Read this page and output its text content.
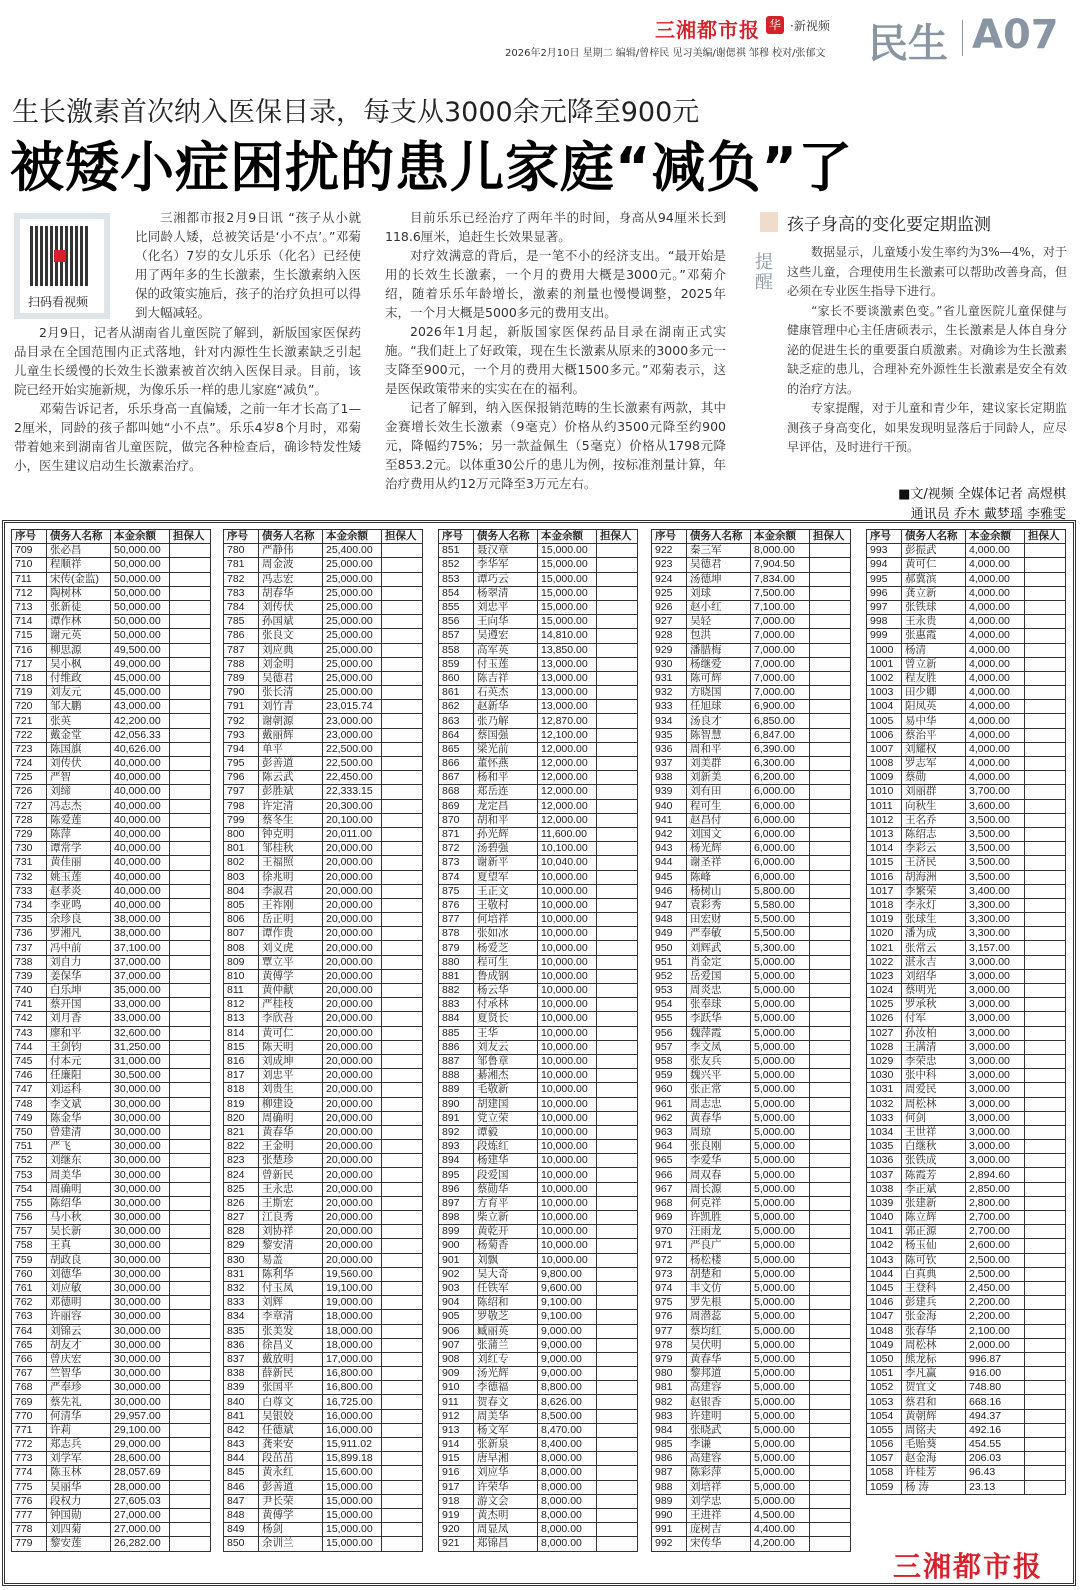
三湘都市报 华 ·新视频
2026年2月10日 星期二 编辑/曾梓民 见习美编/谢偲祺 邹穆 校对/张郁文 民生 A07
生长激素首次纳入医保目录，每支从3000余元降至900元
被矮小症困扰的患儿家庭“减负”了
扫码看视频

三湘都市报2月9日讯 “孩子从小就比同龄人矮，总被笑话是‘小不点’。”邓菊（化名）7岁的女儿乐乐（化名）已经使用了两年多的生长激素，生长激素纳入医保的政策实施后，孩子的治疗负担可以得到大幅减轻。

2月9日，记者从湖南省儿童医院了解到，新版国家医保药品目录在全国范围内正式落地，针对内源性生长激素缺乏引起儿童生长缓慢的长效生长激素被首次纳入医保目录。目前，该院已经开始实施新规，为像乐乐一样的患儿家庭“减负”。

邓菊告诉记者，乐乐身高一直偏矮，之前一年才长高了1—2厘米，同龄的孩子都叫她“小不点”。乐乐4岁8个月时，邓菊带着她来到湖南省儿童医院，做完各种检查后，确诊特发性矮小，医生建议启动生长激素治疗。

目前乐乐已经治疗了两年半的时间，身高从94厘米长到118.6厘米，追赶生长效果显著。

对疗效满意的背后，是一笔不小的经济支出。“最开始是用的长效生长激素，一个月的费用大概是3000元。”邓菊介绍，随着乐乐年龄增长，激素的剂量也慢慢调整，2025年末，一个月大概是5000多元的费用支出。

2026年1月起，新版国家医保药品目录在湖南正式实施。“我们赶上了好政策，现在生长激素从原来的3000多元一支降至900元，一个月的费用大概1500多元。”邓菊表示，这是医保政策带来的实实在在的福利。

记者了解到，纳入医保报销范畴的生长激素有两款，其中金赛增长效生长激素（9毫克）价格从约3500元降至约900元，降幅约75%；另一款益佩生（5毫克）价格从1798元降至853.2元。以体重30公斤的患儿为例，按标准剂量计算，年治疗费用从约12万元降至3万元左右。

提醒
孩子身高的变化要定期监测

数据显示，儿童矮小发生率约为3%—4%，对于这些儿童，合理使用生长激素可以帮助改善身高，但必须在专业医生指导下进行。

“家长不要谈激素色变。”省儿童医院儿童保健与健康管理中心主任唐硕表示，生长激素是人体自身分泌的促进生长的重要蛋白质激素。对确诊为生长激素缺乏症的患儿，合理补充外源性生长激素是安全有效的治疗方法。

专家提醒，对于儿童和青少年，建议家长定期监测孩子身高变化，如果发现明显落后于同龄人，应尽早评估，及时进行干预。

■文/视频 全媒体记者 高煜棋
通讯员 乔木 戴梦瑶 李雅雯
序号	债务人名称	本金余额	担保人
709	张必昌	50,000.00	
710	程顺祥	50,000.00	
711	宋传(金监)	50,000.00	
712	陶树林	50,000.00	
713	张新徒	50,000.00	
714	谭作林	50,000.00	
715	谢元英	50,000.00	
716	柳思源	49,500.00	
717	吴小枫	49,000.00	
718	付维政	45,000.00	
719	刘友元	45,000.00	
720	邹大鹏	43,000.00	
721	张英	42,200.00	
722	戴金堂	42,056.33	
723	陈国旗	40,626.00	
724	刘传伏	40,000.00	
725	严智	40,000.00	
726	刘缔	40,000.00	
727	冯志杰	40,000.00	
728	陈爱莲	40,000.00	
729	陈萍	40,000.00	
730	谭常学	40,000.00	
731	黄佳丽	40,000.00	
732	姚玉莲	40,000.00	
733	赵孝炎	40,000.00	
734	李亚鸣	40,000.00	
735	余珍良	38,000.00	
736	罗湘凡	38,000.00	
737	冯中前	37,100.00	
738	刘自力	37,000.00	
739	姜保华	37,000.00	
740	白乐坤	35,000.00	
741	蔡开国	33,000.00	
742	刘月香	33,000.00	
743	廖和平	32,600.00	
744	王剑钧	31,250.00	
745	付本元	31,000.00	
746	任廉阳	30,500.00	
747	刘运科	30,000.00	
748	李文斌	30,000.00	
749	陈金华	30,000.00	
750	曾建清	30,000.00	
751	严飞	30,000.00	
752	刘继东	30,000.00	
753	周美华	30,000.00	
754	周确明	30,000.00	
755	陈绍华	30,000.00	
756	马小秋	30,000.00	
757	吴长新	30,000.00	
758	王真	30,000.00	
759	胡政良	30,000.00	
760	刘德华	30,000.00	
761	刘应敏	30,000.00	
762	邓德明	30,000.00	
763	许丽容	30,000.00	
764	刘锦云	30,000.00	
765	胡友才	30,000.00	
766	曾庆宏	30,000.00	
767	竺智华	30,000.00	
768	严奉珍	30,000.00	
769	蔡先礼	30,000.00	
770	何清华	29,957.00	
771	许莉	29,100.00	
772	郑志兵	29,000.00	
773	刘学军	28,600.00	
774	陈玉林	28,057.69	
775	吴丽华	28,000.00	
776	段权力	27,605.03	
777	钟国勋	27,000.00	
778	刘四菊	27,000.00	
779	黎安莲	26,282.00	
序号	债务人名称	本金余额	担保人
780	严静伟	25,400.00	
781	周金波	25,000.00	
782	冯志宏	25,000.00	
783	胡春华	25,000.00	
784	刘传伏	25,000.00	
785	孙国斌	25,000.00	
786	张良文	25,000.00	
787	刘应典	25,000.00	
788	刘金明	25,000.00	
789	吴德君	25,000.00	
790	张长清	25,000.00	
791	刘竹青	23,015.74	
792	谢朝源	23,000.00	
793	戴丽辉	23,000.00	
794	单平	22,500.00	
795	彭善道	22,500.00	
796	陈云武	22,450.00	
797	彭胜斌	22,333.15	
798	许定清	20,300.00	
799	蔡冬生	20,100.00	
800	钟克明	20,011.00	
801	邹桂秋	20,000.00	
802	王福照	20,000.00	
803	徐兆明	20,000.00	
804	李淑君	20,000.00	
805	王祚刚	20,000.00	
806	岳正明	20,000.00	
807	谭作贵	20,000.00	
808	刘义虎	20,000.00	
809	覃立平	20,000.00	
810	黄傅学	20,000.00	
811	黄仲献	20,000.00	
812	严桂枝	20,000.00	
813	李欣吾	20,000.00	
814	黄可仁	20,000.00	
815	陈天明	20,000.00	
816	刘成坤	20,000.00	
817	刘忠平	20,000.00	
818	刘贵生	20,000.00	
819	柳建设	20,000.00	
820	周确明	20,000.00	
821	黄春华	20,000.00	
822	王金明	20,000.00	
823	张楚珍	20,000.00	
824	曾新民	20,000.00	
825	王永忠	20,000.00	
826	王斯宏	20,000.00	
827	江良秀	20,000.00	
828	刘协祥	20,000.00	
829	黎安清	20,000.00	
830	易盖	20,000.00	
831	陈利华	19,560.00	
832	付玉凤	19,100.00	
833	刘辉	19,000.00	
834	李章清	18,000.00	
835	张美发	18,000.00	
836	徐昌义	18,000.00	
837	戴放明	17,000.00	
838	薛新民	16,800.00	
839	张国平	16,800.00	
840	白尊文	16,725.00	
841	吴银姣	16,000.00	
842	任德斌	16,000.00	
843	龚来安	15,911.02	
844	段茁茁	15,899.18	
845	黄永红	15,600.00	
846	彭善道	15,000.00	
847	尹长荣	15,000.00	
848	黄傅学	15,000.00	
849	杨剑	15,000.00	
850	余训兰	15,000.00	
序号	债务人名称	本金余额	担保人
851	聂汉章	15,000.00	
852	李华军	15,000.00	
853	谭巧云	15,000.00	
854	杨翠清	15,000.00	
855	刘忠平	15,000.00	
856	王向华	15,000.00	
857	吴遵宏	14,810.00	
858	高军英	13,850.00	
859	付玉莲	13,000.00	
860	陈吉祥	13,000.00	
861	石英杰	13,000.00	
862	赵新华	13,000.00	
863	张乃解	12,870.00	
864	蔡国强	12,100.00	
865	梁光前	12,000.00	
866	董怀燕	12,000.00	
867	杨和平	12,000.00	
868	郑岳连	12,000.00	
869	龙定昌	12,000.00	
870	胡和平	12,000.00	
871	孙光辉	11,600.00	
872	汤碧强	10,100.00	
873	谢新平	10,040.00	
874	夏望军	10,000.00	
875	王正文	10,000.00	
876	王敬村	10,000.00	
877	何培祥	10,000.00	
878	张如冰	10,000.00	
879	杨爱芝	10,000.00	
880	程可生	10,000.00	
881	鲁成钢	10,000.00	
882	杨云华	10,000.00	
883	付承林	10,000.00	
884	夏贤长	10,000.00	
885	王华	10,000.00	
886	刘友云	10,000.00	
887	邹鲁章	10,000.00	
888	綦湘杰	10,000.00	
889	毛敬新	10,000.00	
890	胡建国	10,000.00	
891	党立荣	10,000.00	
892	谭毅	10,000.00	
893	段炼红	10,000.00	
894	杨建华	10,000.00	
895	段爱国	10,000.00	
896	蔡勋华	10,000.00	
897	方育平	10,000.00	
898	柴立新	10,000.00	
899	黄乾开	10,000.00	
900	杨菊香	10,000.00	
901	刘飘	10,000.00	
902	吴大奇	9,800.00	
903	任铁军	9,600.00	
904	陈绍和	9,100.00	
905	罗敬芝	9,100.00	
906	臧丽英	9,000.00	
907	张蒲兰	9,000.00	
908	刘红专	9,000.00	
909	汤光辉	9,000.00	
910	李德福	8,800.00	
911	贺春文	8,626.00	
912	周美华	8,500.00	
913	杨文军	8,470.00	
914	张新泉	8,400.00	
915	唐早湘	8,000.00	
916	刘应华	8,000.00	
917	许荣华	8,000.00	
918	游文会	8,000.00	
919	黄杰明	8,000.00	
920	周显凤	8,000.00	
921	郑锦昌	8,000.00	
序号	债务人名称	本金余额	担保人
922	秦三军	8,000.00	
923	吴德君	7,904.50	
924	汤德坤	7,834.00	
925	刘球	7,500.00	
926	赵小红	7,100.00	
927	吴轻	7,000.00	
928	包洪	7,000.00	
929	潘腊梅	7,000.00	
930	杨继爱	7,000.00	
931	陈可辉	7,000.00	
932	方晓国	7,000.00	
933	任旭球	6,900.00	
934	汤良才	6,850.00	
935	陈智慧	6,847.00	
936	周和平	6,390.00	
937	刘美群	6,300.00	
938	刘新美	6,200.00	
939	刘有田	6,000.00	
940	程可生	6,000.00	
941	赵昌付	6,000.00	
942	刘国文	6,000.00	
943	杨光辉	6,000.00	
944	谢圣祥	6,000.00	
945	陈峰	6,000.00	
946	杨树山	5,800.00	
947	袁彩秀	5,580.00	
948	田宏财	5,500.00	
949	严奉敏	5,500.00	
950	刘辉武	5,300.00	
951	肖金定	5,000.00	
952	岳爱国	5,000.00	
953	周炎忠	5,000.00	
954	张奉球	5,000.00	
955	李跃华	5,000.00	
956	魏萍霞	5,000.00	
957	李文凤	5,000.00	
958	张友兵	5,000.00	
959	魏兴平	5,000.00	
960	张正常	5,000.00	
961	周志忠	5,000.00	
962	黄春华	5,000.00	
963	周琼	5,000.00	
964	张良刚	5,000.00	
965	李爱华	5,000.00	
966	周双春	5,000.00	
967	周长源	5,000.00	
968	何克祥	5,000.00	
969	许凯胜	5,000.00	
970	汪雨龙	5,000.00	
971	严良广	5,000.00	
972	杨松楼	5,000.00	
973	胡楚和	5,000.00	
974	丰文仿	5,000.00	
975	罗先根	5,000.00	
976	周潜蕊	5,000.00	
977	蔡均红	5,000.00	
978	吴伏明	5,000.00	
979	黄春华	5,000.00	
980	黎邦道	5,000.00	
981	高建容	5,000.00	
982	赵银香	5,000.00	
983	许建明	5,000.00	
984	张晓武	5,000.00	
985	李谦	5,000.00	
986	高建容	5,000.00	
987	陈彩萍	5,000.00	
988	刘培祥	5,000.00	
989	刘学忠	5,000.00	
990	王进祥	4,500.00	
991	庞树吉	4,400.00	
992	宋传华	4,200.00	
序号	债务人名称	本金余额	担保人
993	彭振武	4,000.00	
994	黄可仁	4,000.00	
995	郝冀滨	4,000.00	
996	龚立新	4,000.00	
997	张铁球	4,000.00	
998	王永贵	4,000.00	
999	张惠霞	4,000.00	
1000	杨清	4,000.00	
1001	曾立新	4,000.00	
1002	程友胜	4,000.00	
1003	田少卿	4,000.00	
1004	阳凤英	4,000.00	
1005	易中华	4,000.00	
1006	蔡治平	4,000.00	
1007	刘耀权	4,000.00	
1008	罗志军	4,000.00	
1009	蔡勋	4,000.00	
1010	刘丽群	3,700.00	
1011	向秋生	3,600.00	
1012	王名乔	3,500.00	
1013	陈绍志	3,500.00	
1014	李彩云	3,500.00	
1015	王济民	3,500.00	
1016	胡海洲	3,500.00	
1017	李繁荣	3,400.00	
1018	李永灯	3,300.00	
1019	张球生	3,300.00	
1020	潘为成	3,300.00	
1021	张常云	3,157.00	
1022	湛永吉	3,000.00	
1023	刘绍华	3,000.00	
1024	蔡明光	3,000.00	
1025	罗承秋	3,000.00	
1026	付军	3,000.00	
1027	孙汝柏	3,000.00	
1028	王满清	3,000.00	
1029	李荣忠	3,000.00	
1030	张中科	3,000.00	
1031	周爱民	3,000.00	
1032	周松林	3,000.00	
1033	何剑	3,000.00	
1034	王世祥	3,000.00	
1035	白继秋	3,000.00	
1036	张铁成	3,000.00	
1037	陈霞芳	2,894.60	
1038	李正斌	2,850.00	
1039	张建新	2,800.00	
1040	陈立辉	2,700.00	
1041	郭正源	2,700.00	
1042	杨玉仙	2,600.00	
1043	陈可钦	2,500.00	
1044	白真典	2,500.00	
1045	王登科	2,450.00	
1046	彭建兵	2,200.00	
1047	张金海	2,200.00	
1048	张春华	2,100.00	
1049	周松林	2,000.00	
1050	熊龙标	996.87	
1051	李凡赢	916.00	
1052	贺宜文	748.80	
1053	蔡君和	668.16	
1054	黄朝辉	494.37	
1055	周铭夫	492.16	
1056	毛贻葵	454.55	
1057	赵金海	206.03	
1058	许桂芳	96.43	
1059	杨 涛	23.13	
三湘都市报
